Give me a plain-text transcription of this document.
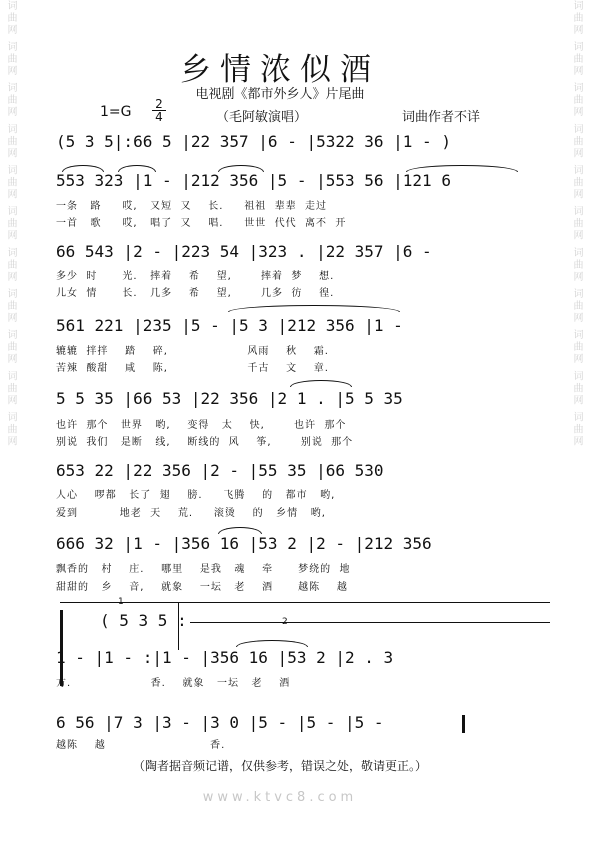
词曲网 词曲网 词曲网 词曲网 词曲网 词曲网 词曲网 词曲网 词曲网 词曲网 词曲网	词曲网 词曲网 词曲网 词曲网 词曲网 词曲网 词曲网 词曲网 词曲网 词曲网 词曲网
乡情浓似酒
电视剧《都市外乡人》片尾曲
1=G 2
4	（毛阿敏演唱）	词曲作者不详
(5 3 5|:66 5 |22 357 |6 - |5322 36 |1 - )
553 323 |1 - |212 356 |5 - |553 56 |121 6
一条   路     哎,   又短  又    长.     祖祖  辈辈  走过
一首   歌     哎,   唱了  又    唱.     世世  代代  离不  开
66 543 |2 - |223 54 |323 . |22 357 |6 -
多少  时      光.   摔着    希    望,       摔着  梦    想.
儿女  情      长.   几多    希    望,       几多  彷    徨.
561 221 |235 |5 - |5 3 |212 356 |1 -
辘辘  拌拌    踏    碎,                   风雨    秋    霜.
苦辣  酸甜    咸    陈,                   千古    文    章.
5 5 35 |66 53 |22 356 |2 1 . |5 5 35
也许  那个   世界   哟,    变得   太    快,       也许  那个
别说  我们   是断   线,    断线的  风    筝,       别说  那个
653 22 |22 356 |2 - |55 35 |66 530
人心    啰都   长了  翅    膀.     飞腾    的   都市   哟,
爱到          地老  天    荒.     滚烫    的   乡情   哟,
666 32 |1 - |356 16 |53 2 |2 - |212 356
飘香的   村    庄.    哪里    是我   魂    牵      梦绕的  地
甜甜的   乡    音,    就象    一坛   老    酒      越陈    越
1
( 5 3 5 :
1 - |1 - :|1 - |356 16 |53 2 |2 . 3
方.                   香.    就象   一坛   老    酒
6 56 |7 3 |3 - |3 0 |5 - |5 - |5 -
越陈    越                         香.
（陶者据音频记谱，仅供参考，错误之处，敬请更正。）
www.ktvc8.com
